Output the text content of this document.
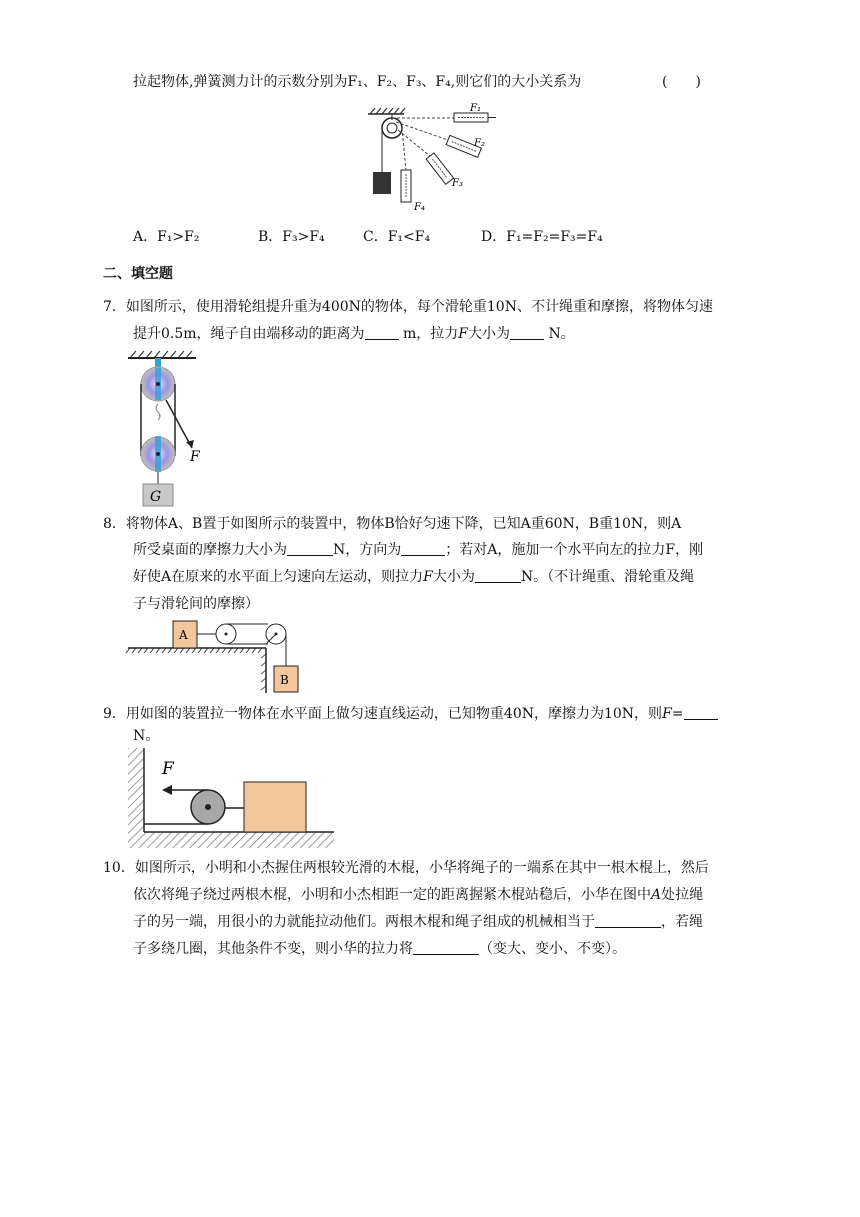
拉起物体,弹簧测力计的示数分别为F₁、F₂、F₃、F₄,则它们的大小关系为	(　　)
F₁
F₂
F₃
F₄
A．F₁>F₂	B．F₃>F₄	C．F₁<F₄	D．F₁=F₂=F₃=F₄
二、填空题
7．如图所示，使用滑轮组提升重为400N的物体，每个滑轮重10N、不计绳重和摩擦，将物体匀速
提升0.5m，绳子自由端移动的距离为 m，拉力F大小为 N。
F
G
8．将物体A、B置于如图所示的装置中，物体B恰好匀速下降，已知A重60N，B重10N，则A
所受桌面的摩擦力大小为	N，方向为	；若对A，施加一个水平向左的拉力F，刚
好使A在原来的水平面上匀速向左运动，则拉力F大小为	N。（不计绳重、滑轮重及绳
子与滑轮间的摩擦）
A
B
9．用如图的装置拉一物体在水平面上做匀速直线运动，已知物重40N，摩擦力为10N，则F=
N。
F
10．如图所示，小明和小杰握住两根较光滑的木棍，小华将绳子的一端系在其中一根木棍上，然后
依次将绳子绕过两根木棍，小明和小杰相距一定的距离握紧木棍站稳后，小华在图中A处拉绳
子的另一端，用很小的力就能拉动他们。两根木棍和绳子组成的机械相当于	，若绳
子多绕几圈，其他条件不变，则小华的拉力将	（变大、变小、不变）。
